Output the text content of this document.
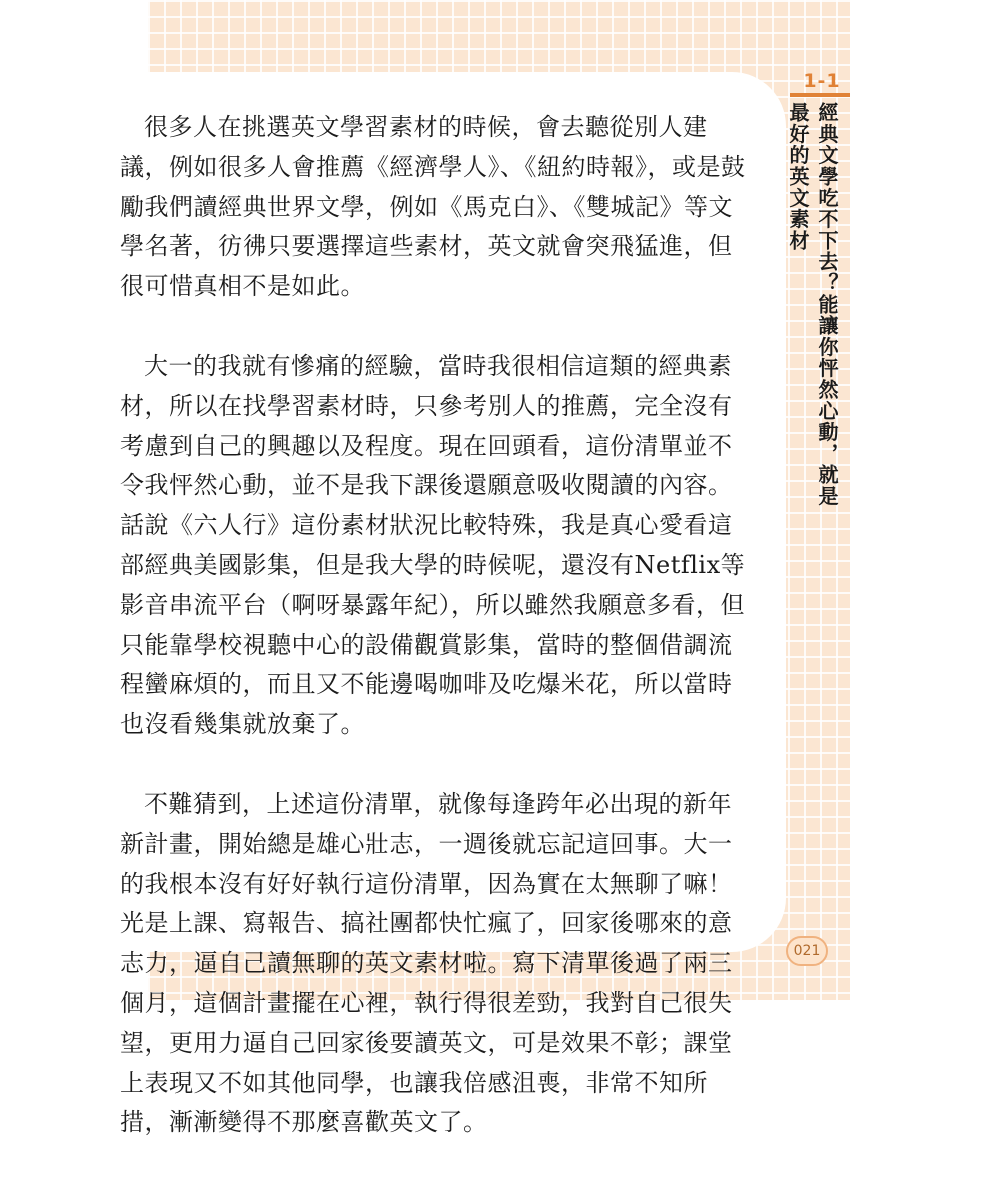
很多人在挑選英文學習素材的時候，會去聽從別人建議，例如很多人會推薦《經濟學人》、《紐約時報》，或是鼓勵我們讀經典世界文學，例如《馬克白》、《雙城記》等文學名著，彷彿只要選擇這些素材，英文就會突飛猛進，但很可惜真相不是如此。

大一的我就有慘痛的經驗，當時我很相信這類的經典素材，所以在找學習素材時，只參考別人的推薦，完全沒有考慮到自己的興趣以及程度。現在回頭看，這份清單並不令我怦然心動，並不是我下課後還願意吸收閱讀的內容。話說《六人行》這份素材狀況比較特殊，我是真心愛看這部經典美國影集，但是我大學的時候呢，還沒有Netflix等影音串流平台（啊呀暴露年紀），所以雖然我願意多看，但只能靠學校視聽中心的設備觀賞影集，當時的整個借調流程蠻麻煩的，而且又不能邊喝咖啡及吃爆米花，所以當時也沒看幾集就放棄了。

不難猜到，上述這份清單，就像每逢跨年必出現的新年新計畫，開始總是雄心壯志，一週後就忘記這回事。大一的我根本沒有好好執行這份清單，因為實在太無聊了嘛！光是上課、寫報告、搞社團都快忙瘋了，回家後哪來的意志力，逼自己讀無聊的英文素材啦。寫下清單後過了兩三個月，這個計畫擺在心裡，執行得很差勁，我對自己很失望，更用力逼自己回家後要讀英文，可是效果不彰；課堂上表現又不如其他同學，也讓我倍感沮喪，非常不知所措，漸漸變得不那麼喜歡英文了。

1-1
經典文學吃不下去？能讓你怦然心動，就是最好的英文素材
021
